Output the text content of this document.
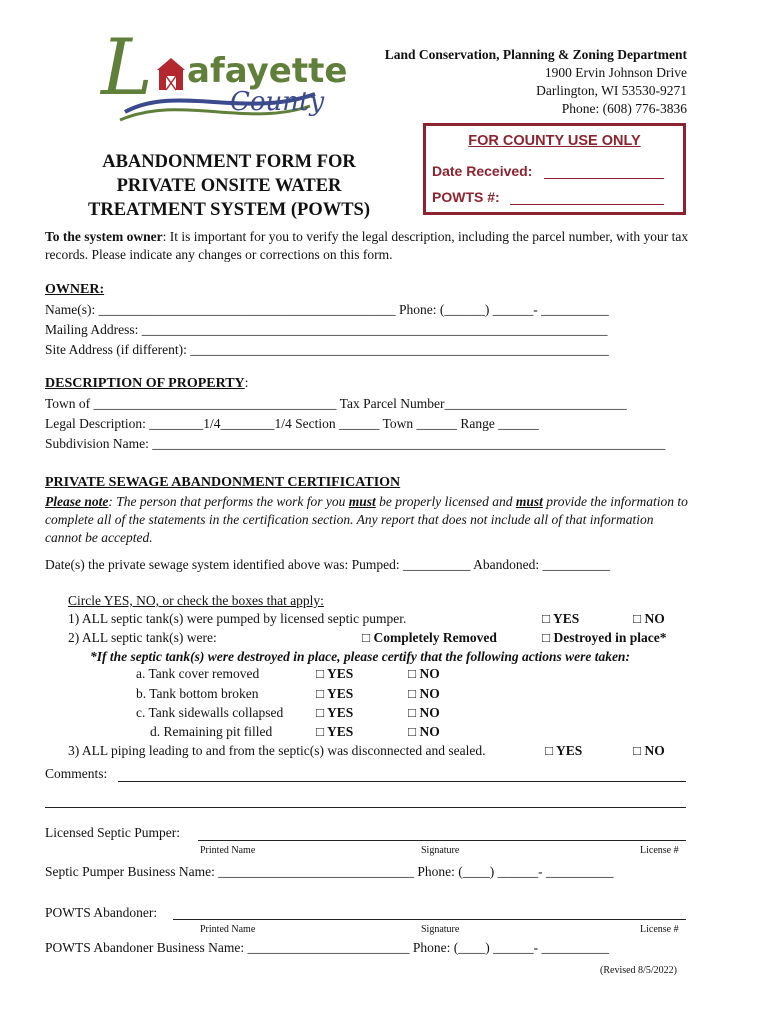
L afayette
County
Land Conservation, Planning & Zoning Department
1900 Ervin Johnson Drive
Darlington, WI 53530-9271
Phone: (608) 776-3836
FOR COUNTY USE ONLY
Date Received:
POWTS #:
ABANDONMENT FORM FOR
PRIVATE ONSITE WATER
TREATMENT SYSTEM (POWTS)

To the system owner: It is important for you to verify the legal description, including the parcel number, with your tax records. Please indicate any changes or corrections on this form.

OWNER:
Name(s): ____________________________________________ Phone: (______) ______- __________
Mailing Address: _____________________________________________________________________
Site Address (if different): ______________________________________________________________
DESCRIPTION OF PROPERTY:
Town of ____________________________________ Tax Parcel Number___________________________
Legal Description: ________1/4________1/4 Section ______ Town ______ Range ______
Subdivision Name: ____________________________________________________________________________
PRIVATE SEWAGE ABANDONMENT CERTIFICATION

Please note: The person that performs the work for you must be properly licensed and must provide the information to complete all of the statements in the certification section. Any report that does not include all of that information cannot be accepted.

Date(s) the private sewage system identified above was: Pumped: __________ Abandoned: __________
Circle YES, NO, or check the boxes that apply:
1) ALL septic tank(s) were pumped by licensed septic pumper.	□ YES	□ NO
2) ALL septic tank(s) were:	□ Completely Removed	□ Destroyed in place*
*If the septic tank(s) were destroyed in place, please certify that the following actions were taken:
a. Tank cover removed	□ YES	□ NO
b. Tank bottom broken	□ YES	□ NO
c. Tank sidewalls collapsed □ YES	□ NO
d. Remaining pit filled	□ YES	□ NO
3) ALL piping leading to and from the septic(s) was disconnected and sealed.	□ YES	□ NO
Comments:
Licensed Septic Pumper:
Printed Name	Signature	License #
Septic Pumper Business Name: _____________________________ Phone: (____) ______- __________
POWTS Abandoner:
Printed Name	Signature	License #
POWTS Abandoner Business Name: ________________________ Phone: (____) ______- __________
(Revised 8/5/2022)
